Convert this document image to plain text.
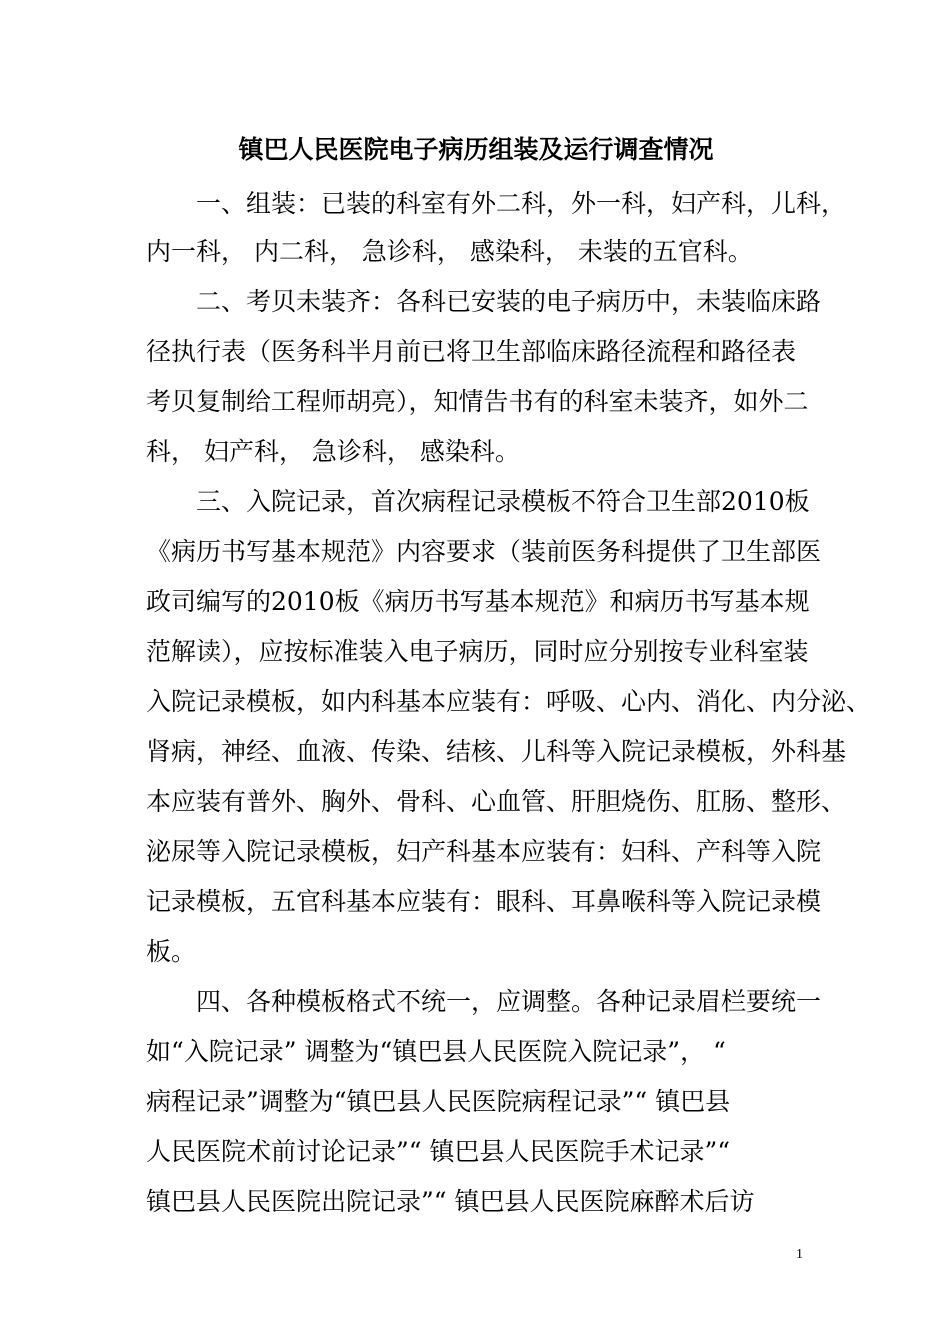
镇巴人民医院电子病历组装及运行调查情况
一、组装：已装的科室有外二科，外一科，妇产科，儿科，
内一科， 内二科， 急诊科， 感染科， 未装的五官科。
二、考贝未装齐：各科已安装的电子病历中，未装临床路
径执行表（医务科半月前已将卫生部临床路径流程和路径表
考贝复制给工程师胡亮），知情告书有的科室未装齐，如外二
科， 妇产科， 急诊科， 感染科。
三、入院记录，首次病程记录模板不符合卫生部2010板
《病历书写基本规范》内容要求（装前医务科提供了卫生部医
政司编写的2010板《病历书写基本规范》和病历书写基本规
范解读），应按标准装入电子病历，同时应分别按专业科室装
入院记录模板，如内科基本应装有：呼吸、心内、消化、内分泌、
肾病，神经、血液、传染、结核、儿科等入院记录模板，外科基
本应装有普外、胸外、骨科、心血管、肝胆烧伤、肛肠、整形、
泌尿等入院记录模板，妇产科基本应装有：妇科、产科等入院
记录模板，五官科基本应装有：眼科、耳鼻喉科等入院记录模
板。
四、各种模板格式不统一，应调整。各种记录眉栏要统一
如“入院记录” 调整为“镇巴县人民医院入院记录”， “
病程记录”调整为“镇巴县人民医院病程记录”“ 镇巴县
人民医院术前讨论记录”“ 镇巴县人民医院手术记录”“
镇巴县人民医院出院记录”“ 镇巴县人民医院麻醉术后访
1
